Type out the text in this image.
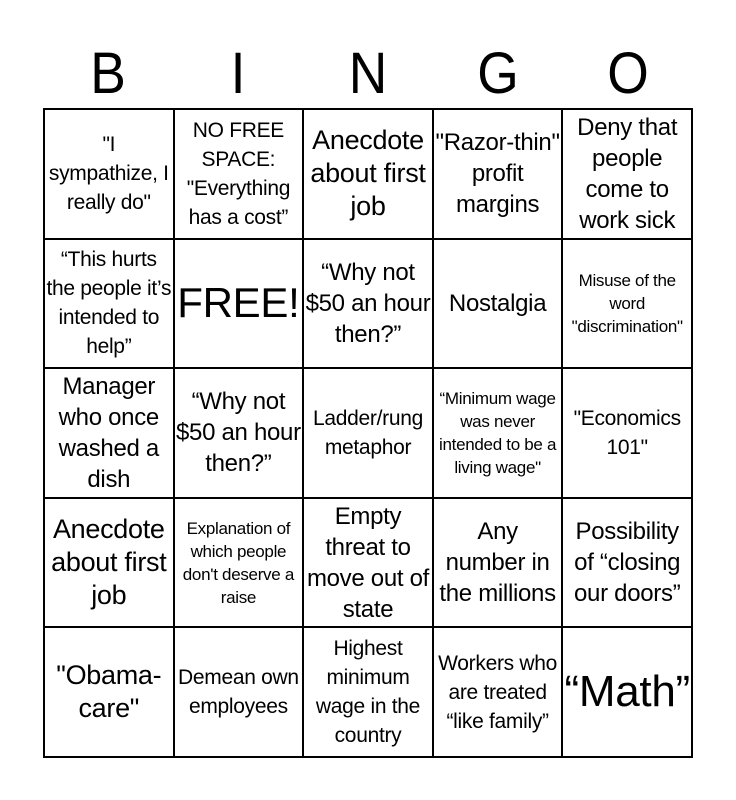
B	I	N	G	O
"I sympathize, I really do"
NO FREE SPACE: "Everything has a cost”
Anecdote about first job
"Razor-thin" profit margins
Deny that people come to work sick
“This hurts the people it’s intended to help”
FREE!
“Why not $50 an hour then?”
Nostalgia
Misuse of the word "discrimination"
Manager who once washed a dish
“Why not $50 an hour then?”
Ladder/rung metaphor
“Minimum wage was never intended to be a living wage"
"Economics 101"
Anecdote about first job
Explanation of which people don't deserve a raise
Empty threat to move out of state
Any number in the millions
Possibility of “closing our doors”
"Obama-care"
Demean own employees
Highest minimum wage in the country
Workers who are treated “like family”
“Math”
